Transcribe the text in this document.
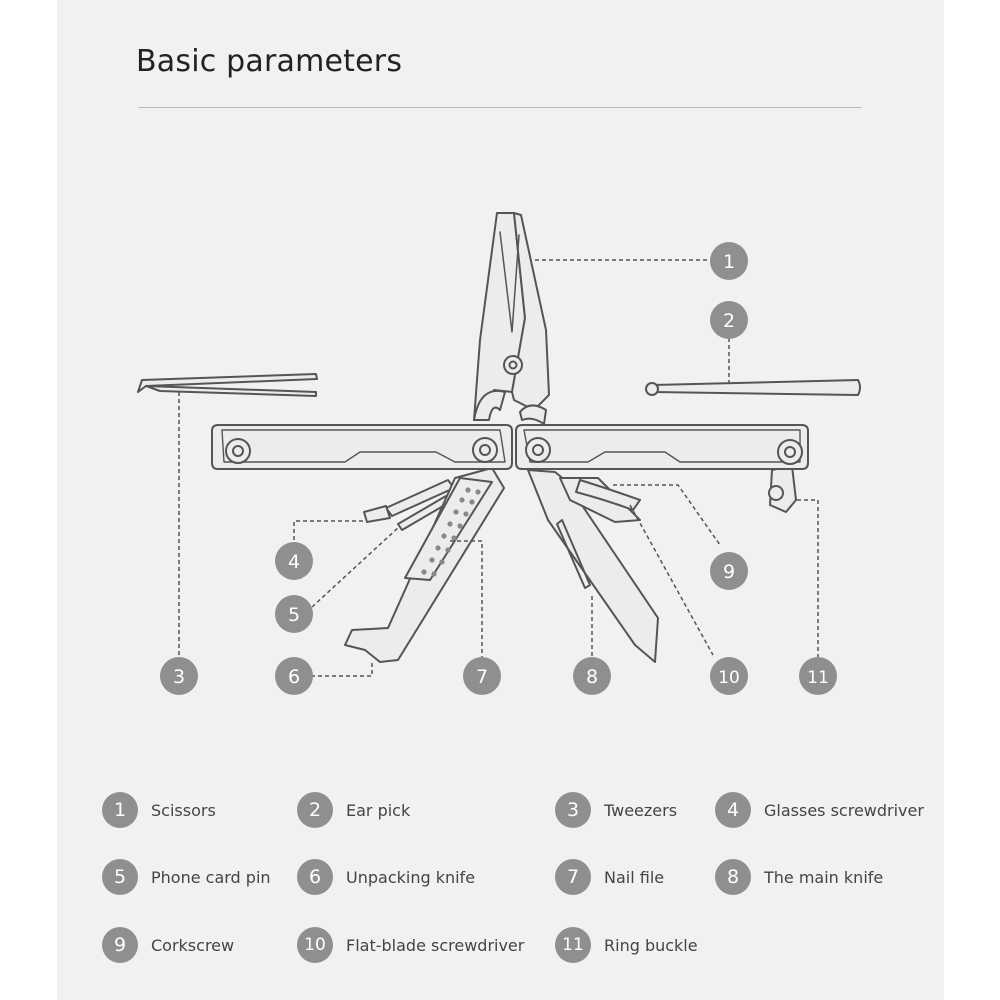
Basic parameters
1
2
3
4
5
6	7	8
9
10	11
1	Scissors	2	Ear pick	3	Tweezers	4	Glasses screwdriver
5	Phone card pin	6	Unpacking knife	7	Nail file	8	The main knife
9	Corkscrew	10	Flat-blade screwdriver	11	Ring buckle
